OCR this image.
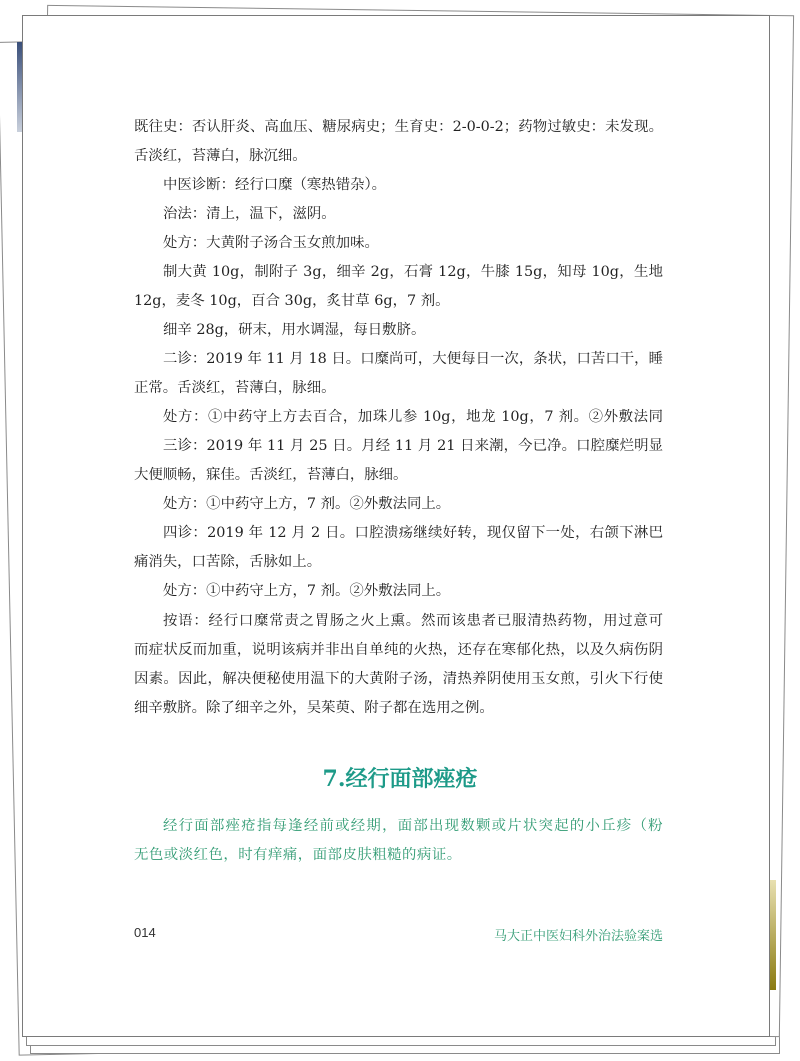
既往史：否认肝炎、高血压、糖尿病史；生育史：2-0-0-2；药物过敏史：未发现。
舌淡红，苔薄白，脉沉细。
中医诊断：经行口糜（寒热错杂）。
治法：清上，温下，滋阴。
处方：大黄附子汤合玉女煎加味。
制大黄 10g，制附子 3g，细辛 2g，石膏 12g，牛膝 15g，知母 10g，生地
12g，麦冬 10g，百合 30g，炙甘草 6g，7 剂。
细辛 28g，研末，用水调湿，每日敷脐。
二诊：2019 年 11 月 18 日。口糜尚可，大便每日一次，条状，口苦口干，睡
正常。舌淡红，苔薄白，脉细。
处方：①中药守上方去百合，加珠儿参 10g，地龙 10g，7 剂。②外敷法同
三诊：2019 年 11 月 25 日。月经 11 月 21 日来潮，今已净。口腔糜烂明显
大便顺畅，寐佳。舌淡红，苔薄白，脉细。
处方：①中药守上方，7 剂。②外敷法同上。
四诊：2019 年 12 月 2 日。口腔溃疡继续好转，现仅留下一处，右颌下淋巴
痛消失，口苦除，舌脉如上。
处方：①中药守上方，7 剂。②外敷法同上。
按语：经行口糜常责之胃肠之火上熏。然而该患者已服清热药物，用过意可
而症状反而加重，说明该病并非出自单纯的火热，还存在寒郁化热，以及久病伤阴
因素。因此，解决便秘使用温下的大黄附子汤，清热养阴使用玉女煎，引火下行使
细辛敷脐。除了细辛之外，吴茱萸、附子都在选用之例。
7.经行面部痤疮
经行面部痤疮指每逢经前或经期，面部出现数颗或片状突起的小丘疹（粉
无色或淡红色，时有痒痛，面部皮肤粗糙的病证。
014	马大正中医妇科外治法验案选
